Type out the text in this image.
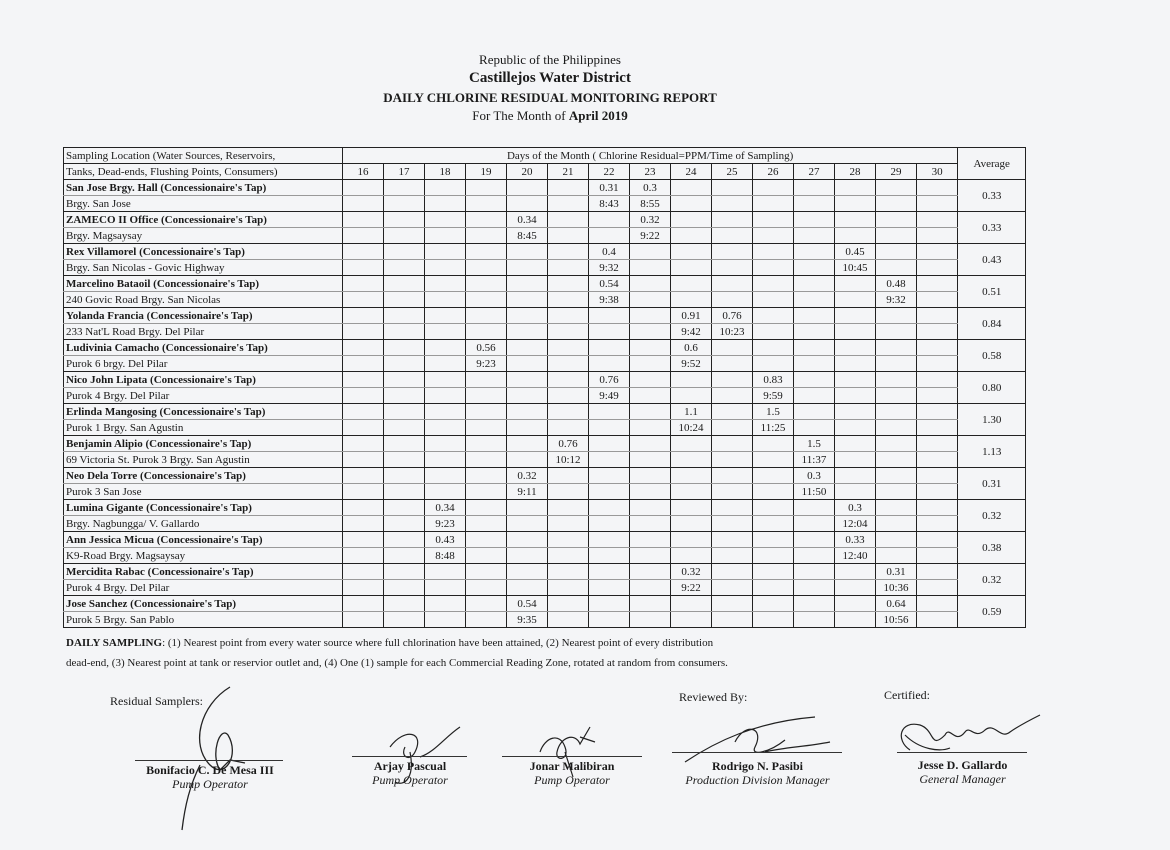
Republic of the Philippines
Castillejos Water District
DAILY CHLORINE RESIDUAL MONITORING REPORT
For The Month of April 2019
Sampling Location (Water Sources, Reservoirs,	Days of the Month ( Chlorine Residual=PPM/Time of Sampling)															Average
Tanks, Dead-ends, Flushing Points, Consumers)	16	17	18	19	20	21	22	23	24	25	26	27	28	29	30	
San Jose Brgy. Hall (Concessionaire's Tap)							0.31	0.3								0.33
Brgy. San Jose							8:43	8:55								
ZAMECO II Office (Concessionaire's Tap)					0.34			0.32								0.33
Brgy. Magsaysay					8:45			9:22								
Rex Villamorel (Concessionaire's Tap)							0.4						0.45			0.43
Brgy. San Nicolas - Govic Highway							9:32						10:45			
Marcelino Bataoil (Concessionaire's Tap)							0.54							0.48		0.51
240 Govic Road Brgy. San Nicolas							9:38							9:32		
Yolanda Francia (Concessionaire's Tap)									0.91	0.76						0.84
233 Nat'L Road Brgy. Del Pilar									9:42	10:23						
Ludivinia Camacho (Concessionaire's Tap)				0.56					0.6							0.58
Purok 6 brgy. Del Pilar				9:23					9:52							
Nico John Lipata (Concessionaire's Tap)							0.76				0.83					0.80
Purok 4 Brgy. Del Pilar							9:49				9:59					
Erlinda Mangosing (Concessionaire's Tap)									1.1		1.5					1.30
Purok 1 Brgy. San Agustin									10:24		11:25					
Benjamin Alipio (Concessionaire's Tap)						0.76						1.5				1.13
69 Victoria St. Purok 3 Brgy. San Agustin						10:12						11:37				
Neo Dela Torre (Concessionaire's Tap)					0.32							0.3				0.31
Purok 3 San Jose					9:11							11:50				
Lumina Gigante (Concessionaire's Tap)			0.34										0.3			0.32
Brgy. Nagbungga/ V. Gallardo			9:23										12:04			
Ann Jessica Micua (Concessionaire's Tap)			0.43										0.33			0.38
K9-Road Brgy. Magsaysay			8:48										12:40			
Mercidita Rabac (Concessionaire's Tap)									0.32					0.31		0.32
Purok 4 Brgy. Del Pilar									9:22					10:36		
Jose Sanchez (Concessionaire's Tap)					0.54									0.64		0.59
Purok 5 Brgy. San Pablo					9:35									10:56		
DAILY SAMPLING: (1) Nearest point from every water source where full chlorination have been attained, (2) Nearest point of every distribution
dead-end, (3) Nearest point at tank or reservior outlet and, (4) One (1) sample for each Commercial Reading Zone, rotated at random from consumers.
Residual Samplers:	Reviewed By:	Certified:
Bonifacio C. De Mesa III
Pump Operator
Arjay Pascual
Pump Operator
Jonar Malibiran
Pump Operator
Rodrigo N. Pasibi
Production Division Manager
Jesse D. Gallardo
General Manager
